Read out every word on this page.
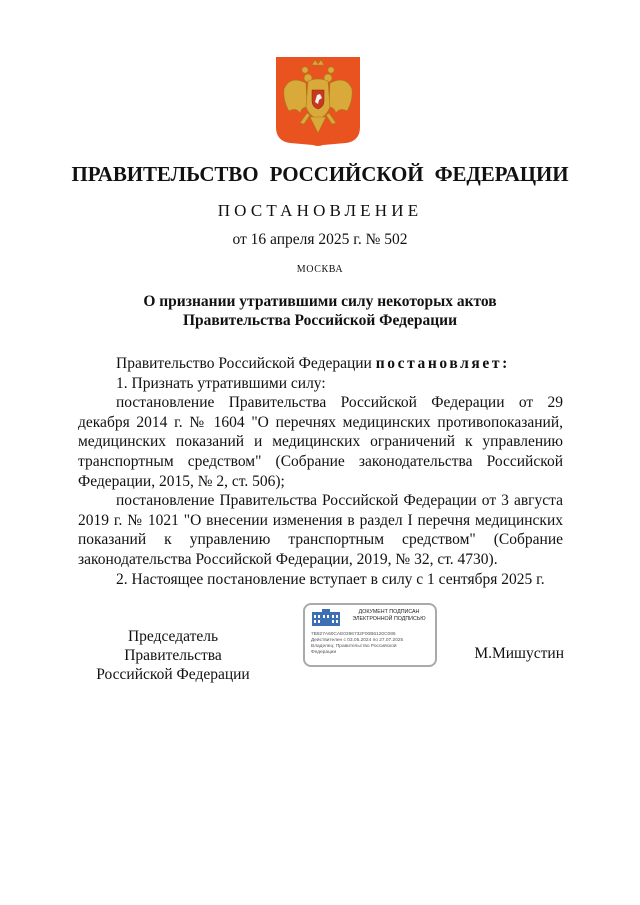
ПРАВИТЕЛЬСТВО РОССИЙСКОЙ ФЕДЕРАЦИИ
ПОСТАНОВЛЕНИЕ
от 16 апреля 2025 г. № 502
МОСКВА
О признании утратившими силу некоторых актов
Правительства Российской Федерации

Правительство Российской Федерации постановляет:

1. Признать утратившими силу:

постановление Правительства Российской Федерации от 29 декабря 2014 г. № 1604 "О перечнях медицинских противопоказаний, медицинских показаний и медицинских ограничений к управлению транспортным средством" (Собрание законодательства Российской Федерации, 2015, № 2, ст. 506);

постановление Правительства Российской Федерации от 3 августа 2019 г. № 1021 "О внесении изменения в раздел I перечня медицинских показаний к управлению транспортным средством" (Собрание законодательства Российской Федерации, 2019, № 32, ст. 4730).

2. Настоящее постановление вступает в силу с 1 сентября 2025 г.

Председатель Правительства
Российской Федерации
ДОКУМЕНТ ПОДПИСАН
ЭЛЕКТРОННОЙ ПОДПИСЬЮ
7B827A60CAE0396732F00B6120C086
Действителен с 03.05.2024 по 27.07.2025
Владелец: Правительство Российской
Федерации	М.Мишустин
